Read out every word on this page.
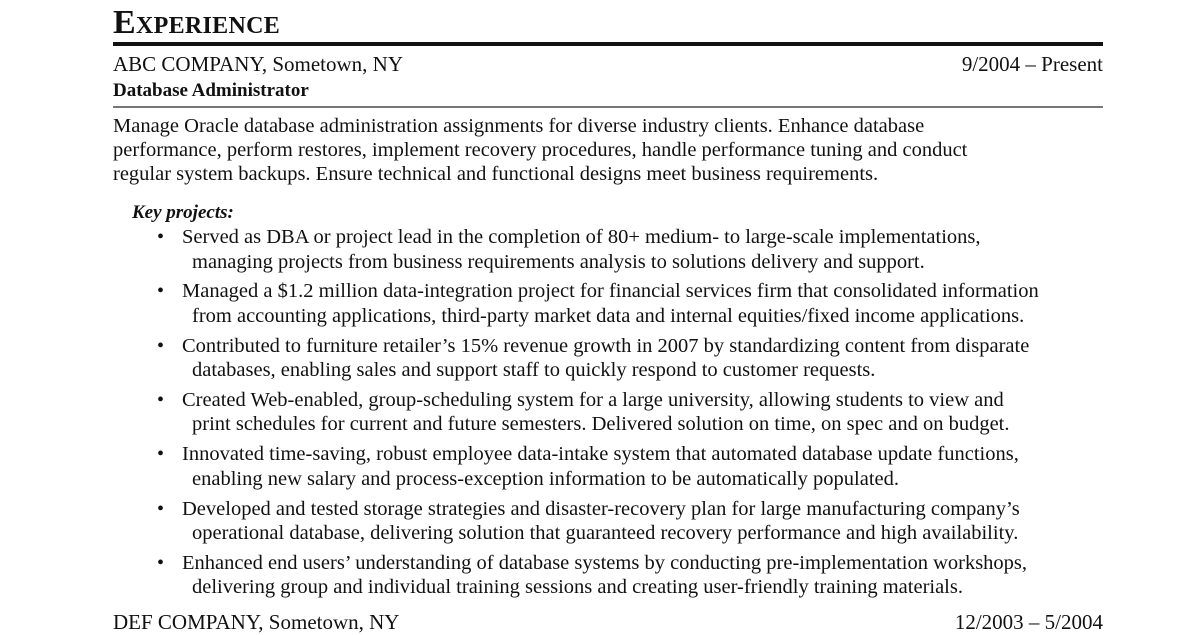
Experience
ABC COMPANY, Sometown, NY	9/2004 – Present
Database Administrator
Manage Oracle database administration assignments for diverse industry clients. Enhance database
performance, perform restores, implement recovery procedures, handle performance tuning and conduct
regular system backups. Ensure technical and functional designs meet business requirements.
Key projects:
• Served as DBA or project lead in the completion of 80+ medium- to large-scale implementations,
managing projects from business requirements analysis to solutions delivery and support.
• Managed a $1.2 million data-integration project for financial services firm that consolidated information
from accounting applications, third-party market data and internal equities/fixed income applications.
• Contributed to furniture retailer’s 15% revenue growth in 2007 by standardizing content from disparate
databases, enabling sales and support staff to quickly respond to customer requests.
• Created Web-enabled, group-scheduling system for a large university, allowing students to view and
print schedules for current and future semesters. Delivered solution on time, on spec and on budget.
• Innovated time-saving, robust employee data-intake system that automated database update functions,
enabling new salary and process-exception information to be automatically populated.
• Developed and tested storage strategies and disaster-recovery plan for large manufacturing company’s
operational database, delivering solution that guaranteed recovery performance and high availability.
• Enhanced end users’ understanding of database systems by conducting pre-implementation workshops,
delivering group and individual training sessions and creating user-friendly training materials.
DEF COMPANY, Sometown, NY	12/2003 – 5/2004
